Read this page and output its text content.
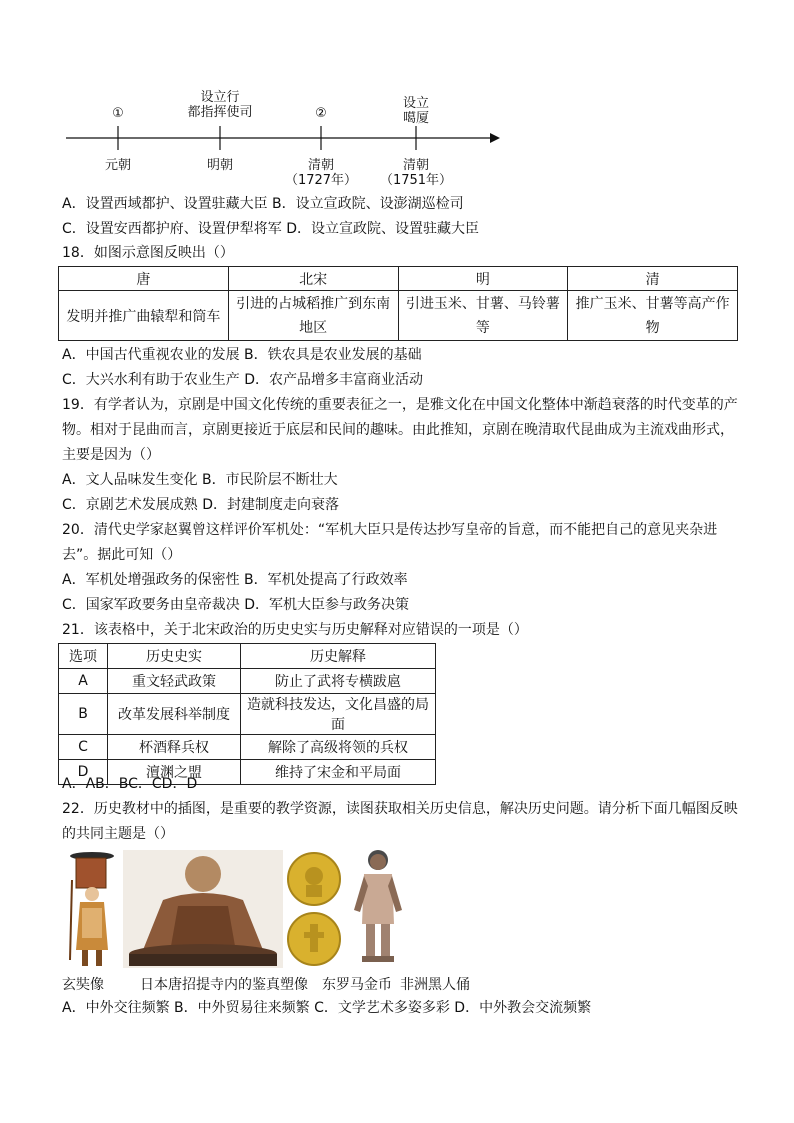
①
设立行
都指挥使司	②
设立
噶厦
元朝	明朝	清朝
（1727年）
清朝
（1751年）
A．设置西域都护、设置驻藏大臣 B．设立宣政院、设澎湖巡检司
C．设置安西都护府、设置伊犁将军 D．设立宣政院、设置驻藏大臣
18．如图示意图反映出（）
唐	北宋	明	清
发明并推广曲辕犁和筒车	引进的占城稻推广到东南地区	引进玉米、甘薯、马铃薯等	推广玉米、甘薯等高产作物
A．中国古代重视农业的发展 B．铁农具是农业发展的基础
C．大兴水利有助于农业生产 D．农产品增多丰富商业活动
19．有学者认为，京剧是中国文化传统的重要表征之一，是雅文化在中国文化整体中渐趋衰落的时代变革的产
物。相对于昆曲而言，京剧更接近于底层和民间的趣味。由此推知，京剧在晚清取代昆曲成为主流戏曲形式，
主要是因为（）
A．文人品味发生变化 B．市民阶层不断壮大
C．京剧艺术发展成熟 D．封建制度走向衰落
20．清代史学家赵翼曾这样评价军机处：“军机大臣只是传达抄写皇帝的旨意，而不能把自己的意见夹杂进
去”。据此可知（）
A．军机处增强政务的保密性 B．军机处提高了行政效率
C．国家军政要务由皇帝裁决 D．军机大臣参与政务决策
21．该表格中，关于北宋政治的历史史实与历史解释对应错误的一项是（）
选项	历史史实	历史解释
A	重文轻武政策	防止了武将专横跋扈
B	改革发展科举制度	造就科技发达，文化昌盛的局面
C	杯酒释兵权	解除了高级将领的兵权
D	澶渊之盟	维持了宋金和平局面
A．AB．BC．CD．D
22．历史教材中的插图，是重要的教学资源，读图获取相关历史信息，解决历史问题。请分析下面几幅图反映
的共同主题是（）
玄奘像	日本唐招提寺内的鉴真塑像 东罗马金币 非洲黑人俑
A．中外交往频繁 B．中外贸易往来频繁 C．文学艺术多姿多彩 D．中外教会交流频繁
